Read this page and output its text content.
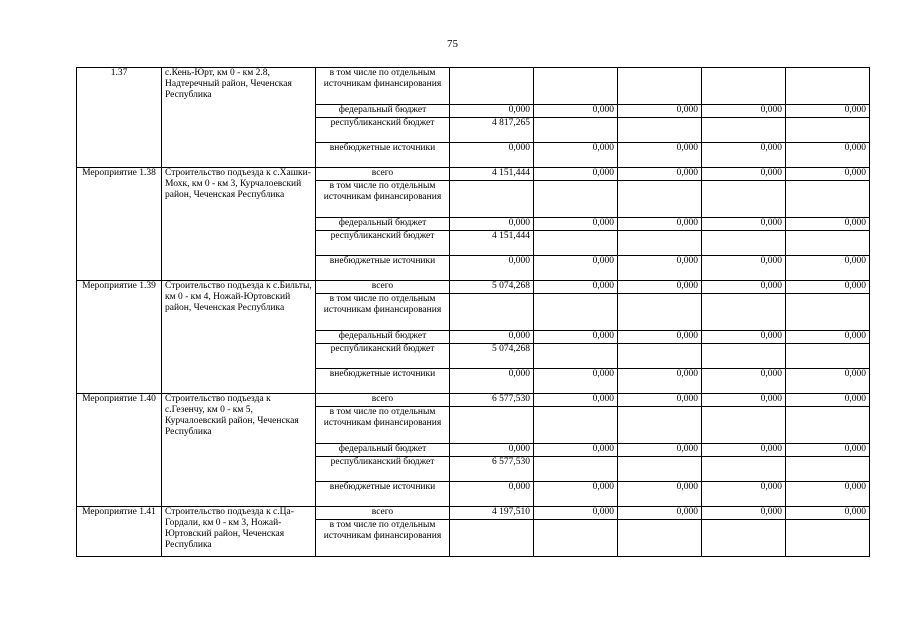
75
1.37	с.Кень-Юрт, км 0 - км 2.8, Надтеречный район, Чеченская Республика	в том числе по отдельным источникам финансирования					
		федеральный бюджет	0,000	0,000	0,000	0,000	0,000
		республиканский бюджет	4 817,265				
		внебюджетные источники	0,000	0,000	0,000	0,000	0,000
Мероприятие 1.38	Строительство подъезда к с.Хашки-Мохк, км 0 - км 3, Курчалоевский район, Чеченская Республика	всего	4 151,444	0,000	0,000	0,000	0,000
		в том числе по отдельным источникам финансирования					
		федеральный бюджет	0,000	0,000	0,000	0,000	0,000
		республиканский бюджет	4 151,444				
		внебюджетные источники	0,000	0,000	0,000	0,000	0,000
Мероприятие 1.39	Строительство подъезда к с.Бильты, км 0 - км 4, Ножай-Юртовский район, Чеченская Республика	всего	5 074,268	0,000	0,000	0,000	0,000
		в том числе по отдельным источникам финансирования					
		федеральный бюджет	0,000	0,000	0,000	0,000	0,000
		республиканский бюджет	5 074,268				
		внебюджетные источники	0,000	0,000	0,000	0,000	0,000
Мероприятие 1.40	Строительство подъезда к с.Гезенчу, км 0 - км 5, Курчалоевский район, Чеченская Республика	всего	6 577,530	0,000	0,000	0,000	0,000
		в том числе по отдельным источникам финансирования					
		федеральный бюджет	0,000	0,000	0,000	0,000	0,000
		республиканский бюджет	6 577,530				
		внебюджетные источники	0,000	0,000	0,000	0,000	0,000
Мероприятие 1.41	Строительство подъезда к с.Ца-Гордали, км 0 - км 3, Ножай-Юртовский район, Чеченская Республика	всего	4 197,510	0,000	0,000	0,000	0,000
		в том числе по отдельным источникам финансирования					
